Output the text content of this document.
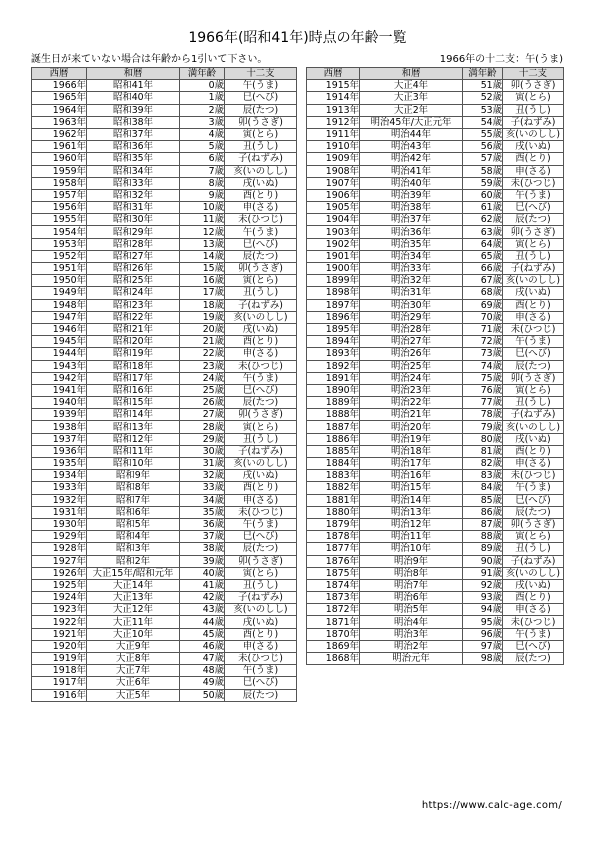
1966年(昭和41年)時点の年齢一覧
誕生日が来ていない場合は年齢から1引いて下さい。	1966年の十二支：午(うま)
西暦	和暦	満年齢	十二支
1966年	昭和41年	0歳	午(うま)
1965年	昭和40年	1歳	巳(へび)
1964年	昭和39年	2歳	辰(たつ)
1963年	昭和38年	3歳	卯(うさぎ)
1962年	昭和37年	4歳	寅(とら)
1961年	昭和36年	5歳	丑(うし)
1960年	昭和35年	6歳	子(ねずみ)
1959年	昭和34年	7歳	亥(いのしし)
1958年	昭和33年	8歳	戌(いぬ)
1957年	昭和32年	9歳	酉(とり)
1956年	昭和31年	10歳	申(さる)
1955年	昭和30年	11歳	未(ひつじ)
1954年	昭和29年	12歳	午(うま)
1953年	昭和28年	13歳	巳(へび)
1952年	昭和27年	14歳	辰(たつ)
1951年	昭和26年	15歳	卯(うさぎ)
1950年	昭和25年	16歳	寅(とら)
1949年	昭和24年	17歳	丑(うし)
1948年	昭和23年	18歳	子(ねずみ)
1947年	昭和22年	19歳	亥(いのしし)
1946年	昭和21年	20歳	戌(いぬ)
1945年	昭和20年	21歳	酉(とり)
1944年	昭和19年	22歳	申(さる)
1943年	昭和18年	23歳	未(ひつじ)
1942年	昭和17年	24歳	午(うま)
1941年	昭和16年	25歳	巳(へび)
1940年	昭和15年	26歳	辰(たつ)
1939年	昭和14年	27歳	卯(うさぎ)
1938年	昭和13年	28歳	寅(とら)
1937年	昭和12年	29歳	丑(うし)
1936年	昭和11年	30歳	子(ねずみ)
1935年	昭和10年	31歳	亥(いのしし)
1934年	昭和9年	32歳	戌(いぬ)
1933年	昭和8年	33歳	酉(とり)
1932年	昭和7年	34歳	申(さる)
1931年	昭和6年	35歳	未(ひつじ)
1930年	昭和5年	36歳	午(うま)
1929年	昭和4年	37歳	巳(へび)
1928年	昭和3年	38歳	辰(たつ)
1927年	昭和2年	39歳	卯(うさぎ)
1926年	大正15年/昭和元年	40歳	寅(とら)
1925年	大正14年	41歳	丑(うし)
1924年	大正13年	42歳	子(ねずみ)
1923年	大正12年	43歳	亥(いのしし)
1922年	大正11年	44歳	戌(いぬ)
1921年	大正10年	45歳	酉(とり)
1920年	大正9年	46歳	申(さる)
1919年	大正8年	47歳	未(ひつじ)
1918年	大正7年	48歳	午(うま)
1917年	大正6年	49歳	巳(へび)
1916年	大正5年	50歳	辰(たつ)
西暦	和暦	満年齢	十二支
1915年	大正4年	51歳	卯(うさぎ)
1914年	大正3年	52歳	寅(とら)
1913年	大正2年	53歳	丑(うし)
1912年	明治45年/大正元年	54歳	子(ねずみ)
1911年	明治44年	55歳	亥(いのしし)
1910年	明治43年	56歳	戌(いぬ)
1909年	明治42年	57歳	酉(とり)
1908年	明治41年	58歳	申(さる)
1907年	明治40年	59歳	未(ひつじ)
1906年	明治39年	60歳	午(うま)
1905年	明治38年	61歳	巳(へび)
1904年	明治37年	62歳	辰(たつ)
1903年	明治36年	63歳	卯(うさぎ)
1902年	明治35年	64歳	寅(とら)
1901年	明治34年	65歳	丑(うし)
1900年	明治33年	66歳	子(ねずみ)
1899年	明治32年	67歳	亥(いのしし)
1898年	明治31年	68歳	戌(いぬ)
1897年	明治30年	69歳	酉(とり)
1896年	明治29年	70歳	申(さる)
1895年	明治28年	71歳	未(ひつじ)
1894年	明治27年	72歳	午(うま)
1893年	明治26年	73歳	巳(へび)
1892年	明治25年	74歳	辰(たつ)
1891年	明治24年	75歳	卯(うさぎ)
1890年	明治23年	76歳	寅(とら)
1889年	明治22年	77歳	丑(うし)
1888年	明治21年	78歳	子(ねずみ)
1887年	明治20年	79歳	亥(いのしし)
1886年	明治19年	80歳	戌(いぬ)
1885年	明治18年	81歳	酉(とり)
1884年	明治17年	82歳	申(さる)
1883年	明治16年	83歳	未(ひつじ)
1882年	明治15年	84歳	午(うま)
1881年	明治14年	85歳	巳(へび)
1880年	明治13年	86歳	辰(たつ)
1879年	明治12年	87歳	卯(うさぎ)
1878年	明治11年	88歳	寅(とら)
1877年	明治10年	89歳	丑(うし)
1876年	明治9年	90歳	子(ねずみ)
1875年	明治8年	91歳	亥(いのしし)
1874年	明治7年	92歳	戌(いぬ)
1873年	明治6年	93歳	酉(とり)
1872年	明治5年	94歳	申(さる)
1871年	明治4年	95歳	未(ひつじ)
1870年	明治3年	96歳	午(うま)
1869年	明治2年	97歳	巳(へび)
1868年	明治元年	98歳	辰(たつ)
https://www.calc-age.com/
